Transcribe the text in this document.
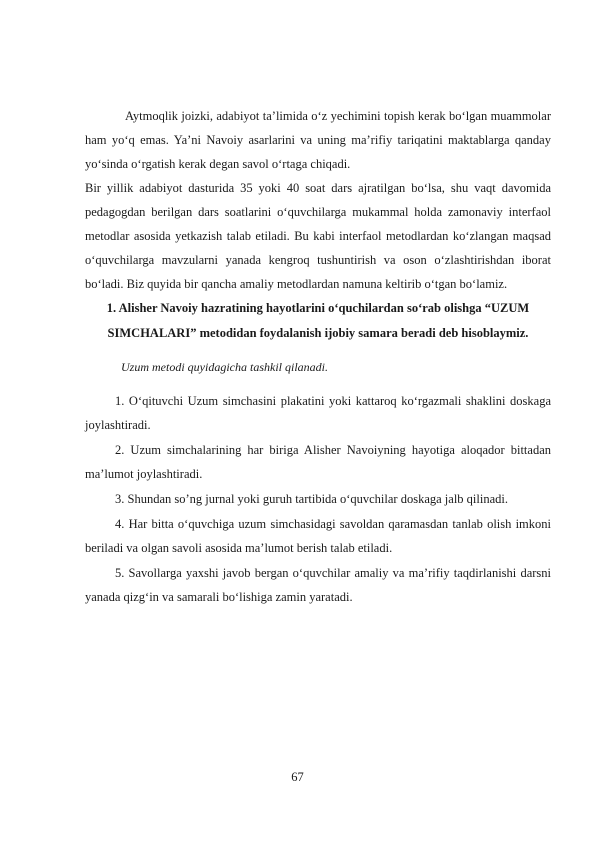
Aytmoqlik joizki, adabiyot ta’limida o‘z yechimini topish kerak bo‘lgan muammolar ham yo‘q emas. Ya’ni Navoiy asarlarini va uning ma’rifiy tariqatini maktablarga qanday yo‘sinda o‘rgatish kerak degan savol o‘rtaga chiqadi.

Bir yillik adabiyot dasturida 35 yoki 40 soat dars ajratilgan bo‘lsa, shu vaqt davomida pedagogdan berilgan dars soatlarini o‘quvchilarga mukammal holda zamonaviy interfaol metodlar asosida yetkazish talab etiladi. Bu kabi interfaol metodlardan ko‘zlangan maqsad o‘quvchilarga mavzularni yanada kengroq tushuntirish va oson o‘zlashtirishdan iborat bo‘ladi. Biz quyida bir qancha amaliy metodlardan namuna keltirib o‘tgan bo‘lamiz.

1. Alisher Navoiy hazratining hayotlarini o‘quchilardan so‘rab olishga “UZUM SIMCHALARI” metodidan foydalanish ijobiy samara beradi deb hisoblaymiz.

Uzum metodi quyidagicha tashkil qilanadi.

1. O‘qituvchi Uzum simchasini plakatini yoki kattaroq ko‘rgazmali shaklini doskaga joylashtiradi.

2. Uzum simchalarining har biriga Alisher Navoiyning hayotiga aloqador bittadan ma’lumot joylashtiradi.

3. Shundan so’ng jurnal yoki guruh tartibida o‘quvchilar doskaga jalb qilinadi.

4. Har bitta o‘quvchiga uzum simchasidagi savoldan qaramasdan tanlab olish imkoni beriladi va olgan savoli asosida ma’lumot berish talab etiladi.

5. Savollarga yaxshi javob bergan o‘quvchilar amaliy va ma’rifiy taqdirlanishi darsni yanada qizg‘in va samarali bo‘lishiga zamin yaratadi.

67
